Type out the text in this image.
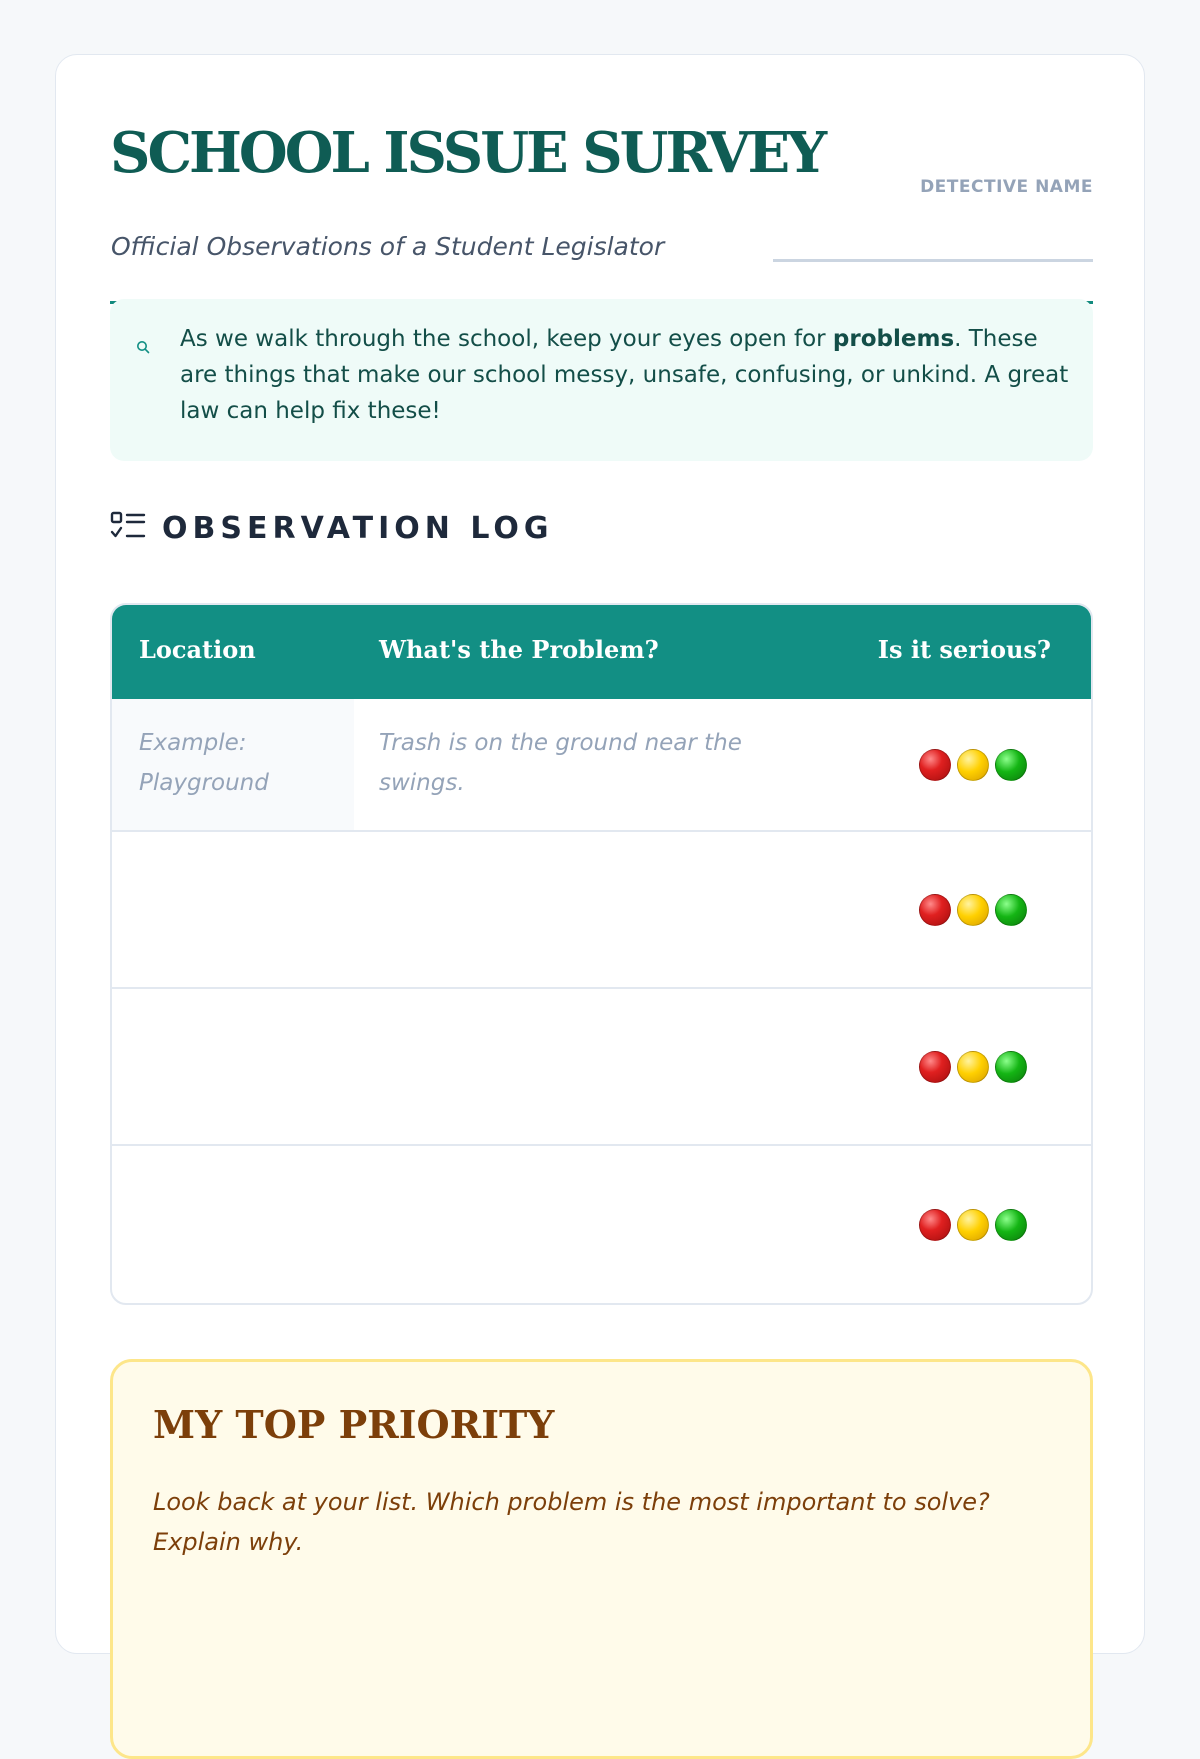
SCHOOL ISSUE SURVEY
Official Observations of a Student Legislator
DETECTIVE NAME
As we walk through the school, keep your eyes open for problems. These are things that make our school messy, unsafe, confusing, or unkind. A great law can help fix these!
OBSERVATION LOG
Location	What's the Problem?	Is it serious?
Example: Playground
Trash is on the ground near the swings.
MY TOP PRIORITY
Look back at your list. Which problem is the most important to solve? Explain why.
